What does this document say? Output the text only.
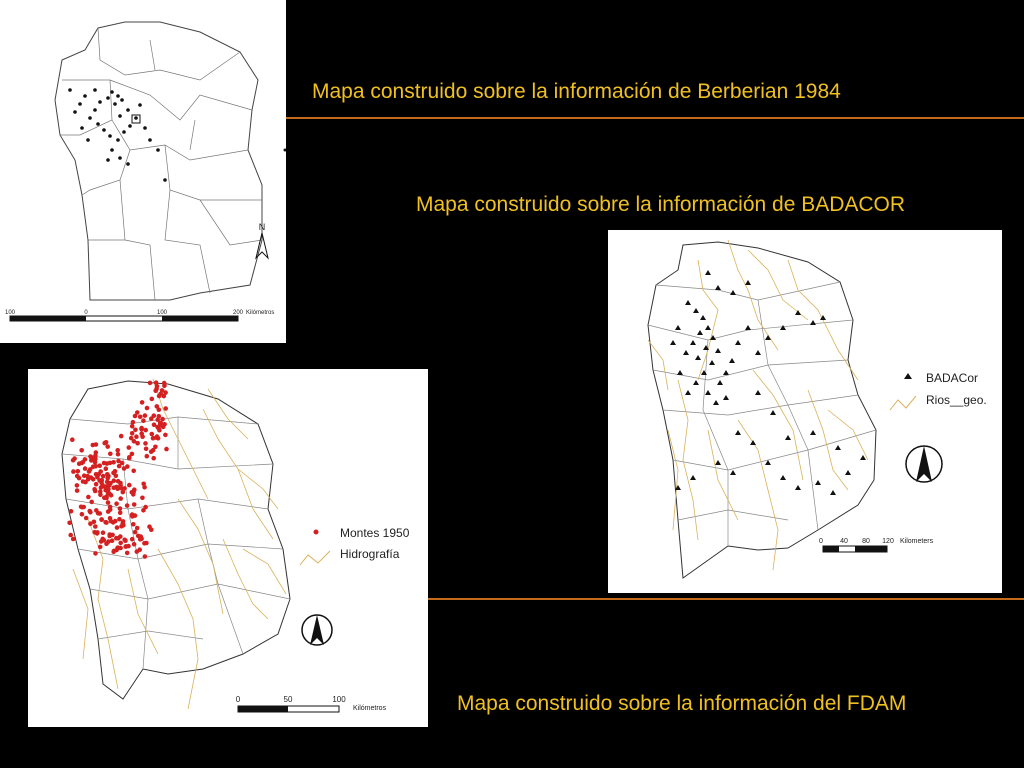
N
100	0	100	200 Kilómetros
Mapa construido sobre la información de Berberian 1984
Mapa construido sobre la información de BADACOR
BADACor
Rios__geo.
0 40 80 120 Kilometers
Montes 1950
Hidrografía
0	50	100
Kilómetros	Mapa construido sobre la información del FDAM
